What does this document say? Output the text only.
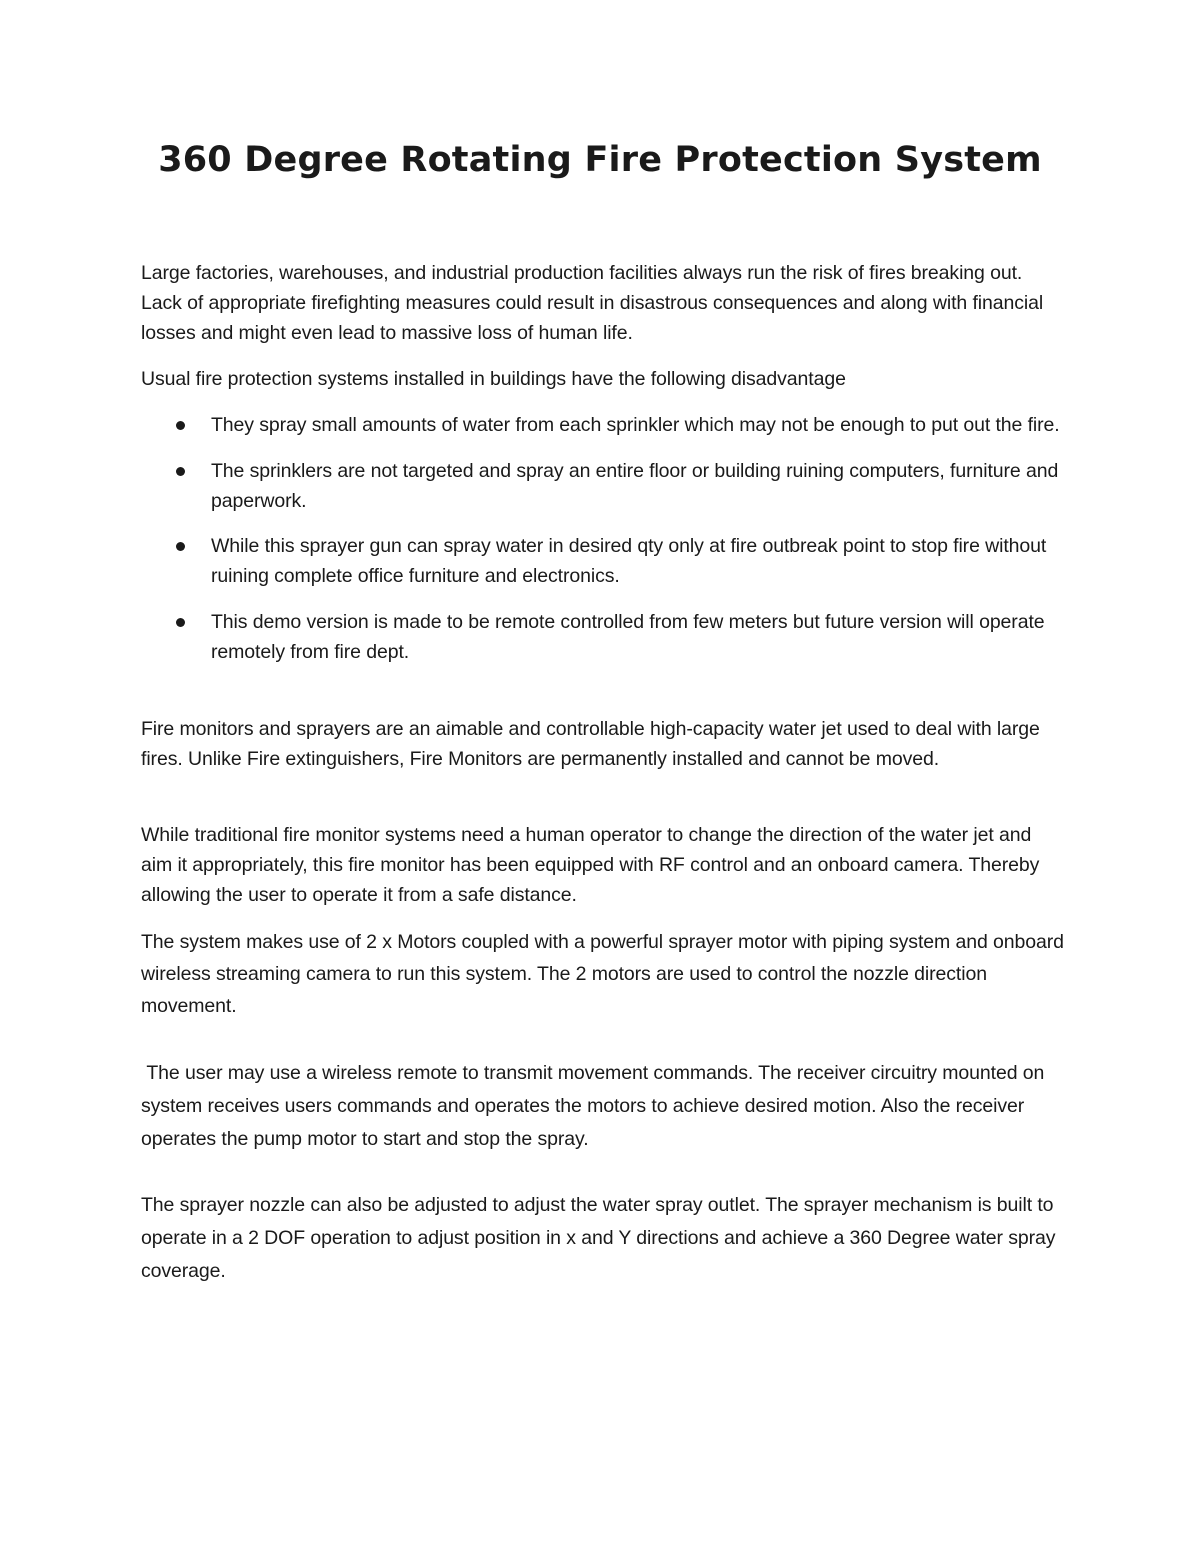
360 Degree Rotating Fire Protection System

Large factories, warehouses, and industrial production facilities always run the risk of fires breaking out. Lack of appropriate firefighting measures could result in disastrous consequences and along with financial losses and might even lead to massive loss of human life.

Usual fire protection systems installed in buildings have the following disadvantage

They spray small amounts of water from each sprinkler which may not be enough to put out the fire.
The sprinklers are not targeted and spray an entire floor or building ruining computers, furniture and paperwork.
While this sprayer gun can spray water in desired qty only at fire outbreak point to stop fire without ruining complete office furniture and electronics.
This demo version is made to be remote controlled from few meters but future version will operate remotely from fire dept.

Fire monitors and sprayers are an aimable and controllable high-capacity water jet used to deal with large fires. Unlike Fire extinguishers, Fire Monitors are permanently installed and cannot be moved.

While traditional fire monitor systems need a human operator to change the direction of the water jet and aim it appropriately, this fire monitor has been equipped with RF control and an onboard camera. Thereby allowing the user to operate it from a safe distance.

The system makes use of 2 x Motors coupled with a powerful sprayer motor with piping system and onboard wireless streaming camera to run this system. The 2 motors are used to control the nozzle direction movement.

The user may use a wireless remote to transmit movement commands. The receiver circuitry mounted on system receives users commands and operates the motors to achieve desired motion. Also the receiver operates the pump motor to start and stop the spray.

The sprayer nozzle can also be adjusted to adjust the water spray outlet. The sprayer mechanism is built to operate in a 2 DOF operation to adjust position in x and Y directions and achieve a 360 Degree water spray coverage.
